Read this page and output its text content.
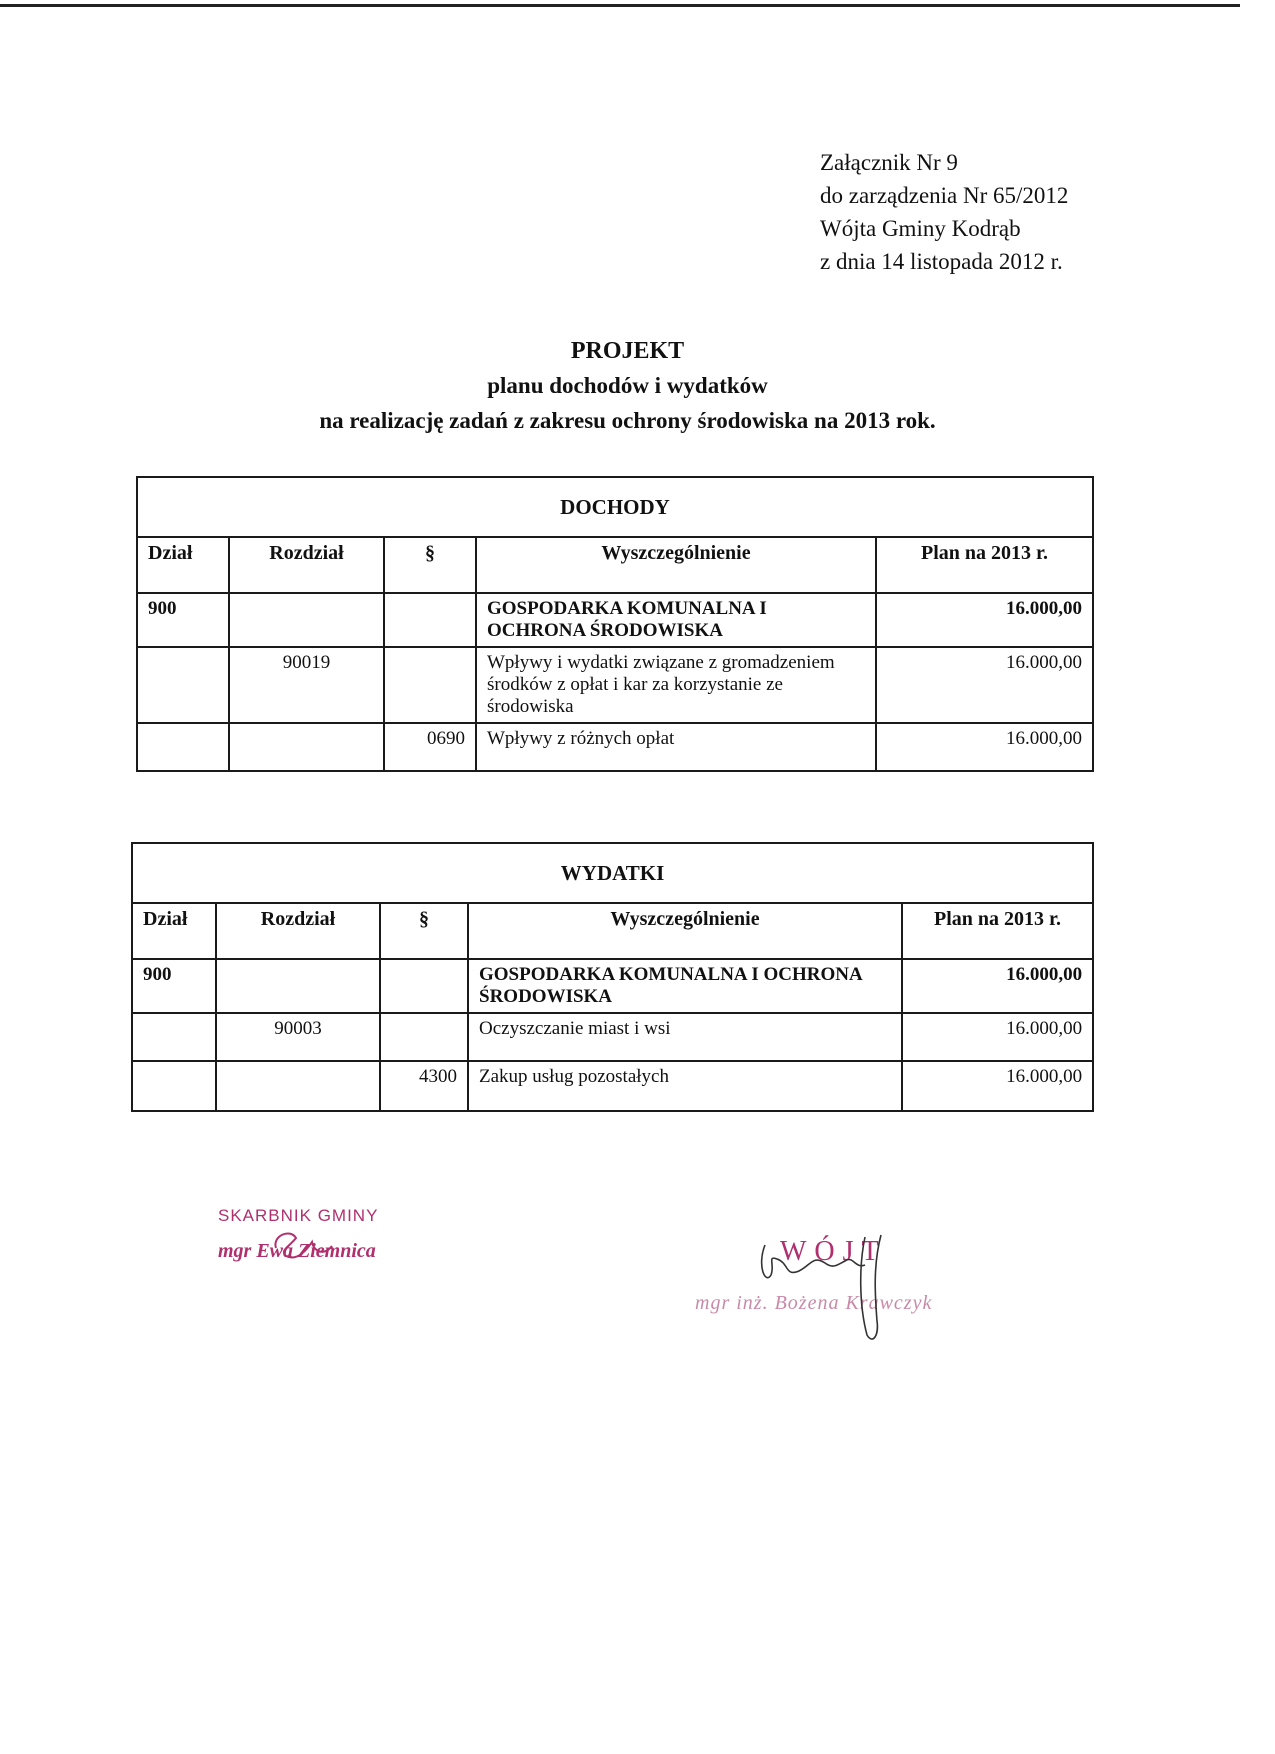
Załącznik Nr 9
do zarządzenia Nr 65/2012
Wójta Gminy Kodrąb
z dnia 14 listopada 2012 r.
PROJEKT
planu dochodów i wydatków
na realizację zadań z zakresu ochrony środowiska na 2013 rok.
DOCHODY				
Dział	Rozdział	§	Wyszczególnienie	Plan na 2013 r.
900			GOSPODARKA KOMUNALNA I OCHRONA ŚRODOWISKA	16.000,00
	90019		Wpływy i wydatki związane z gromadzeniem środków z opłat i kar za korzystanie ze środowiska	16.000,00
		0690	Wpływy z różnych opłat	16.000,00
WYDATKI				
Dział	Rozdział	§	Wyszczególnienie	Plan na 2013 r.
900			GOSPODARKA KOMUNALNA I OCHRONA ŚRODOWISKA	16.000,00
	90003		Oczyszczanie miast i wsi	16.000,00
		4300	Zakup usług pozostałych	16.000,00
SKARBNIK GMINY
mgr Ewa Ziemnica	WÓJT
mgr inż. Bożena Krawczyk
